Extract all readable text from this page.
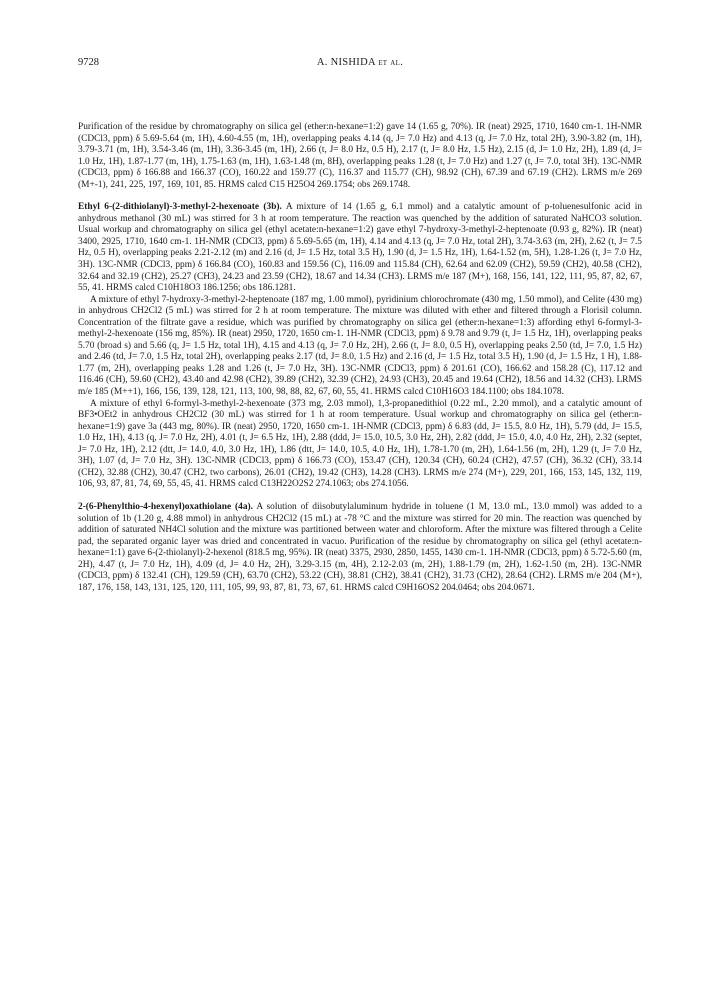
9728	A. NISHIDA et al.

Purification of the residue by chromatography on silica gel (ether:n-hexane=1:2) gave 14 (1.65 g, 70%). IR (neat) 2925, 1710, 1640 cm-1. 1H-NMR (CDCl3, ppm) δ 5.69-5.64 (m, 1H), 4.60-4.55 (m, 1H), overlapping peaks 4.14 (q, J= 7.0 Hz) and 4.13 (q, J= 7.0 Hz, total 2H), 3.90-3.82 (m, 1H), 3.79-3.71 (m, 1H), 3.54-3.46 (m, 1H), 3.36-3.45 (m, 1H), 2.66 (t, J= 8.0 Hz, 0.5 H), 2.17 (t, J= 8.0 Hz, 1.5 Hz), 2.15 (d, J= 1.0 Hz, 2H), 1.89 (d, J= 1.0 Hz, 1H), 1.87-1.77 (m, 1H), 1.75-1.63 (m, 1H), 1.63-1.48 (m, 8H), overlapping peaks 1.28 (t, J= 7.0 Hz) and 1.27 (t, J= 7.0, total 3H). 13C-NMR (CDCl3, ppm) δ 166.88 and 166.37 (CO), 160.22 and 159.77 (C), 116.37 and 115.77 (CH), 98.92 (CH), 67.39 and 67.19 (CH2). LRMS m/e 269 (M+-1), 241, 225, 197, 169, 101, 85. HRMS calcd C15 H25O4 269.1754; obs 269.1748.

Ethyl 6-(2-dithiolanyl)-3-methyl-2-hexenoate (3b). A mixture of 14 (1.65 g, 6.1 mmol) and a catalytic amount of p-toluenesulfonic acid in anhydrous methanol (30 mL) was stirred for 3 h at room temperature. The reaction was quenched by the addition of saturated NaHCO3 solution. Usual workup and chromatography on silica gel (ethyl acetate:n-hexane=1:2) gave ethyl 7-hydroxy-3-methyl-2-heptenoate (0.93 g, 82%). IR (neat) 3400, 2925, 1710, 1640 cm-1. 1H-NMR (CDCl3, ppm) δ 5.69-5.65 (m, 1H), 4.14 and 4.13 (q, J= 7.0 Hz, total 2H), 3.74-3.63 (m, 2H), 2.62 (t, J= 7.5 Hz, 0.5 H), overlapping peaks 2.21-2.12 (m) and 2.16 (d, J= 1.5 Hz, total 3.5 H), 1.90 (d, J= 1.5 Hz, 1H), 1.64-1.52 (m, 5H), 1.28-1.26 (t, J= 7.0 Hz, 3H). 13C-NMR (CDCl3, ppm) δ 166.84 (CO), 160.83 and 159.56 (C), 116.09 and 115.84 (CH), 62.64 and 62.09 (CH2), 59.59 (CH2), 40.58 (CH2), 32.64 and 32.19 (CH2), 25.27 (CH3), 24.23 and 23.59 (CH2), 18.67 and 14.34 (CH3). LRMS m/e 187 (M+), 168, 156, 141, 122, 111, 95, 87, 82, 67, 55, 41. HRMS calcd C10H18O3 186.1256; obs 186.1281.

A mixture of ethyl 7-hydroxy-3-methyl-2-heptenoate (187 mg, 1.00 mmol), pyridinium chlorochromate (430 mg, 1.50 mmol), and Celite (430 mg) in anhydrous CH2Cl2 (5 mL) was stirred for 2 h at room temperature. The mixture was diluted with ether and filtered through a Florisil column. Concentration of the filtrate gave a residue, which was purified by chromatography on silica gel (ether:n-hexane=1:3) affording ethyl 6-formyl-3-methyl-2-hexenoate (156 mg, 85%). IR (neat) 2950, 1720, 1650 cm-1. 1H-NMR (CDCl3, ppm) δ 9.78 and 9.79 (t, J= 1.5 Hz, 1H), overlapping peaks 5.70 (broad s) and 5.66 (q, J= 1.5 Hz, total 1H), 4.15 and 4.13 (q, J= 7.0 Hz, 2H), 2.66 (t, J= 8.0, 0.5 H), overlapping peaks 2.50 (td, J= 7.0, 1.5 Hz) and 2.46 (td, J= 7.0, 1.5 Hz, total 2H), overlapping peaks 2.17 (td, J= 8.0, 1.5 Hz) and 2.16 (d, J= 1.5 Hz, total 3.5 H), 1.90 (d, J= 1.5 Hz, 1 H), 1.88-1.77 (m, 2H), overlapping peaks 1.28 and 1.26 (t, J= 7.0 Hz, 3H). 13C-NMR (CDCl3, ppm) δ 201.61 (CO), 166.62 and 158.28 (C), 117.12 and 116.46 (CH), 59.60 (CH2), 43.40 and 42.98 (CH2), 39.89 (CH2), 32.39 (CH2), 24.93 (CH3), 20.45 and 19.64 (CH2), 18.56 and 14.32 (CH3). LRMS m/e 185 (M++1), 166, 156, 139, 128, 121, 113, 100, 98, 88, 82, 67, 60, 55, 41. HRMS calcd C10H16O3 184.1100; obs 184.1078.

A mixture of ethyl 6-formyl-3-methyl-2-hexenoate (373 mg, 2.03 mmol), 1,3-propanedithiol (0.22 mL, 2.20 mmol), and a catalytic amount of BF3•OEt2 in anhydrous CH2Cl2 (30 mL) was stirred for 1 h at room temperature. Usual workup and chromatography on silica gel (ether:n-hexane=1:9) gave 3a (443 mg, 80%). IR (neat) 2950, 1720, 1650 cm-1. 1H-NMR (CDCl3, ppm) δ 6.83 (dd, J= 15.5, 8.0 Hz, 1H), 5.79 (dd, J= 15.5, 1.0 Hz, 1H), 4.13 (q, J= 7.0 Hz, 2H), 4.01 (t, J= 6.5 Hz, 1H), 2.88 (ddd, J= 15.0, 10.5, 3.0 Hz, 2H), 2.82 (ddd, J= 15.0, 4.0, 4.0 Hz, 2H), 2.32 (septet, J= 7.0 Hz, 1H), 2.12 (dtt, J= 14.0, 4.0, 3.0 Hz, 1H), 1.86 (dtt, J= 14.0, 10.5, 4.0 Hz, 1H), 1.78-1.70 (m, 2H), 1.64-1.56 (m, 2H), 1.29 (t, J= 7.0 Hz, 3H), 1.07 (d, J= 7.0 Hz, 3H). 13C-NMR (CDCl3, ppm) δ 166.73 (CO), 153.47 (CH), 120.34 (CH), 60.24 (CH2), 47.57 (CH), 36.32 (CH), 33.14 (CH2), 32.88 (CH2), 30.47 (CH2, two carbons), 26.01 (CH2), 19.42 (CH3), 14.28 (CH3). LRMS m/e 274 (M+), 229, 201, 166, 153, 145, 132, 119, 106, 93, 87, 81, 74, 69, 55, 45, 41. HRMS calcd C13H22O2S2 274.1063; obs 274.1056.

2-(6-Phenylthio-4-hexenyl)oxathiolane (4a). A solution of diisobutylaluminum hydride in toluene (1 M, 13.0 mL, 13.0 mmol) was added to a solution of 1b (1.20 g, 4.88 mmol) in anhydrous CH2Cl2 (15 mL) at -78 °C and the mixture was stirred for 20 min. The reaction was quenched by addition of saturated NH4Cl solution and the mixture was partitioned between water and chloroform. After the mixture was filtered through a Celite pad, the separated organic layer was dried and concentrated in vacuo. Purification of the residue by chromatography on silica gel (ethyl acetate:n-hexane=1:1) gave 6-(2-thiolanyl)-2-hexenol (818.5 mg, 95%). IR (neat) 3375, 2930, 2850, 1455, 1430 cm-1. 1H-NMR (CDCl3, ppm) δ 5.72-5.60 (m, 2H), 4.47 (t, J= 7.0 Hz, 1H), 4.09 (d, J= 4.0 Hz, 2H), 3.29-3.15 (m, 4H), 2.12-2.03 (m, 2H), 1.88-1.79 (m, 2H), 1.62-1.50 (m, 2H). 13C-NMR (CDCl3, ppm) δ 132.41 (CH), 129.59 (CH), 63.70 (CH2), 53.22 (CH), 38.81 (CH2), 38.41 (CH2), 31.73 (CH2), 28.64 (CH2). LRMS m/e 204 (M+), 187, 176, 158, 143, 131, 125, 120, 111, 105, 99, 93, 87, 81, 73, 67, 61. HRMS calcd C9H16OS2 204.0464; obs 204.0671.
